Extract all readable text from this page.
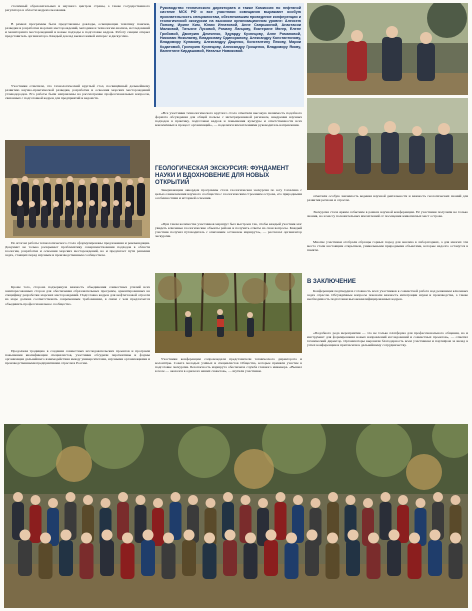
столичный образовательных и научного центров страны, а также государственного регулятора в области недропользования.

В рамках программы была представлены доклады, освещающие тематику поисков, разведки и разработки морских месторождений, методики и технологии анализа, исследований и мониторинга месторождений и новые подходы к подготовке кадров. Работу секции открыл представитель организатора. Каждый доклад вызвал живой интерес и дискуссию.

Участники отметили, что технологический круглый стол, посвящённый дальнейшему развитию научно-практической разведки, разработки и освоения морских месторождений углеводородов. Его работы были направлены на рассмотрение профессиональных вопросов, связанных с подготовкой кадров для предприятий и ведомств.

По итогам работы технологического стола сформулированы предложения и рекомендации. Документ не только раскрывает проблематику совершенствования подходов в области геологии, разработки и освоения морских месторождений, но и предлагает пути решения задач, стоящих перед научным и производственным сообществом.

Кроме того, сторона подчеркнула важность объединения совместных усилий всех заинтересованных сторон для обеспечения образовательных программ, ориентированных на специфику разработки морских месторождений. Подготовка кадров для нефтегазовой отрасли на море должна соответствовать современным требованиям, в связи с чем предлагается объединить профессиональное сообщество.

Продолжая традицию в создании совместных исследовательских проектов и программ повышения квалификации специалистов, участники обсудили перспективы и формы организации дальнейшего взаимодействия между университетами, научными организациями и производственными предприятиями отрасли в России.

Руководство технического директората и также Комиссия по нефтяной системе МСК РФ и все участники совещания выражают особую признательность специалистам, обеспечившим проведение конференции и геологической экскурсии на высоком организационном уровне: Алексею Попову, Ирине Ким, Юлии Игнатовой, Анне Сапрыкиной, Анастасии Малковой, Татьяне Лусовой, Роману Ланцову, Екатерине Мягер, Елене Грибовой, Дмитрию Демченко, Эдуарду Кузнецову, Анне Романовой, Николаю Николаеву, Владиславу Одиноралову, Александру Константинову, Владимиру Кулакову, Александру Даценко, Константину Пекову, Марии Кодатовой, Григорию Кузнецову, Александру Грищенко, Владимиру Якову, Валентине Кирдашовой, Наталье Новиковой.

«Все участники технологического круглого стола отметили высокую значимость подобного формата обсуждения для общей пользы с интегрированной регионом, внедрения научных подходов в практику, подготовки кадров и повышения культуры и ответственности всех вовлечённых в процесс организаций», — поделился впечатлениями руководитель направления.

ГЕОЛОГИЧЕСКАЯ ЭКСКУРСИЯ: ФУНДАМЕНТ НАУКИ И ВДОХНОВЕНИЕ ДЛЯ НОВЫХ ОТКРЫТИЙ

Завершающим аккордом программы стала геологическая экскурсия по югу Сахалина с целью ознакомления научного сообщества с геологическим строением острова, его природными особенностями и историей освоения.

«При таком количестве участников маршрут был выстроен так, чтобы каждый участник мог увидеть ключевые геологические объекты района и получить ответы на свои вопросы. Каждый участник получил путеводитель с описанием остановок маршрута», — рассказал организатор экскурсии.

Участники конференции сопровождали представители технического директората и волонтёры. Совета молодых учёных и специалистов Общества, которые приняли участие в подготовке экскурсии. Безопасность маршрута обеспечила служба главного инженера. «Вышел в поле — оказался в одном из наших сюжетов», — шутили участники.

отметили особую значимость ведения научной деятельности и важность геологических знаний для развития региона и отрасли.

Экскурсия стала ярким событием в рамках научной конференции. Её участники получили не только знания, но и массу положительных впечатлений от посещения живописных мест острова.

Многие участники отобрали образцы горных пород для анализа в лабораториях, а для многих эти места стали настоящим открытием, уникальными природными объектами, которые надолго останутся в памяти.

В ЗАКЛЮЧЕНИЕ

Конференция подтвердила готовность всех участников к совместной работе над решением ключевых задач отрасли. Обсуждённые вопросы показали важность интеграции науки и производства, а также необходимость подготовки высококвалифицированных кадров.

«Подобного рода мероприятия — это не только платформа для профессионального общения, но и инструмент для формирования новых направлений исследований и совместных проектов», — отметил технический директор. Организаторы выразили благодарность всем участникам и партнёрам за вклад в успех конференции и пригласили к дальнейшему сотрудничеству.
